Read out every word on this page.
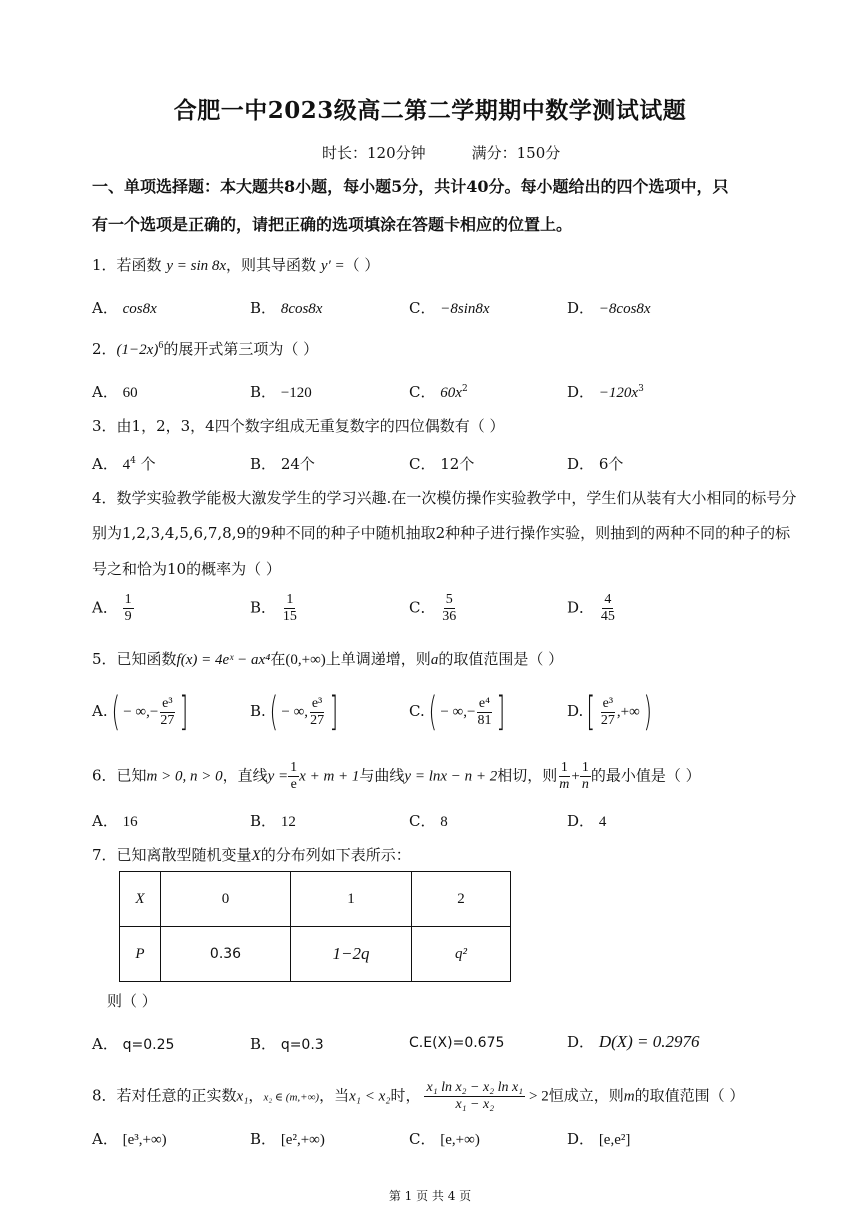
合肥一中2023级高二第二学期期中数学测试试题
时长：120分钟	满分：150分
一、单项选择题：本大题共8小题，每小题5分，共计40分。每小题给出的四个选项中，只
有一个选项是正确的，请把正确的选项填涂在答题卡相应的位置上。
1．若函数 y = sin 8x，则其导函数 y′ =（ ）
A． cos8x	B． 8cos8x	C． −8sin8x	D． −8cos8x
2．$(1-2x)^6$的展开式第三项为（ ）
A． 60	B． −120	C． $60x^2$	D． $-120x^3$
3．由1，2，3，4四个数字组成无重复数字的四位偶数有（ ）
A． $4^4$ 个	B． 24个	C． 12个	D． 6个
4．数学实验教学能极大激发学生的学习兴趣.在一次模仿操作实验教学中，学生们从装有大小相同的标号分
别为1,2,3,4,5,6,7,8,9的9种不同的种子中随机抽取2种种子进行操作实验，则抽到的两种不同的种子的标
号之和恰为10的概率为（ ）
A． $\frac{1}{9}$	B． $\frac{1}{15}$	C． $\frac{5}{36}$	D． $\frac{4}{45}$
5．已知函数f(x) = 4eˣ − ax⁴在(0,+∞)上单调递增，则a的取值范围是（ ）
A.( − ∞,− $\frac{\text{e³}}{27}$ ]	B.( − ∞, $\frac{\text{e³}}{27}$ ]	C.( − ∞,− $\frac{\text{e⁴}}{81}$ ]	$D.[ \frac{\text{e³}}{27}$ ,+∞)
6．已知m > 0, n > 0，直线$y = \frac{1}{e}$ x + m + 1与曲线y = lnx − n + 2相切，则 $\frac{1}{m} + \frac{1}{n}$ 的最小值是（ ）
A． 16	B． 12	C． 8	D． 4
7．已知离散型随机变量X的分布列如下表所示：
X	0	1	2
P	0.36	1−2q	q²
则（ ）
A． q=0.25	B． q=0.3	C.E(X)=0.675	D． D(X) = 0.2976
8．若对任意的正实数x₁，x₂ ∈ (m,+∞)，当x₁ < x₂时， $\frac{\text{x₁ ln x₂ − x₂ ln x₁}}{\text{x₁ − x₂}} > 2$恒成立，则m的取值范围（ ）
A． [e³,+∞)	B． [e²,+∞)	C． [e,+∞)	D． [e,e²]
第 1 页 共 4 页
